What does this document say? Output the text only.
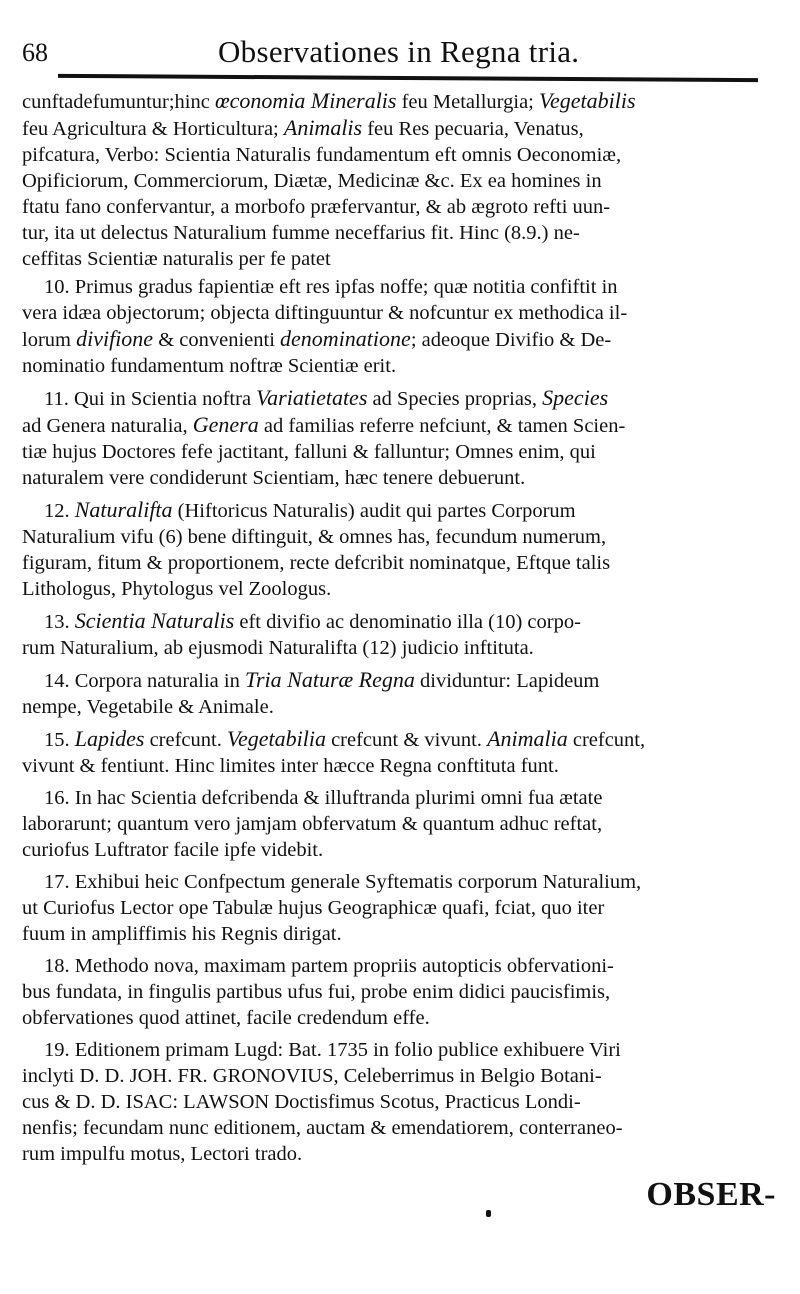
68	Observationes in Regna tria.
cunftadefumuntur;hinc œconomia Mineralis feu Metallurgia; Vegetabilis
feu Agricultura & Horticultura; Animalis feu Res pecuaria, Venatus,
pifcatura, Verbo: Scientia Naturalis fundamentum eft omnis Oeconomiæ,
Opificiorum, Commerciorum, Diætæ, Medicinæ &c. Ex ea homines in
ftatu fano confervantur, a morbofo præfervantur, & ab ægroto refti uun-
tur, ita ut delectus Naturalium fumme neceffarius fit. Hinc (8.9.) ne-
ceffitas Scientiæ naturalis per fe patet
10. Primus gradus fapientiæ eft res ipfas noffe; quæ notitia confiftit in
vera idæa objectorum; objecta diftinguuntur & nofcuntur ex methodica il-
lorum divifione & convenienti denominatione; adeoque Divifio & De-
nominatio fundamentum noftræ Scientiæ erit.
11. Qui in Scientia noftra Variatietates ad Species proprias, Species
ad Genera naturalia, Genera ad familias referre nefciunt, & tamen Scien-
tiæ hujus Doctores fefe jactitant, falluni & falluntur; Omnes enim, qui
naturalem vere condiderunt Scientiam, hæc tenere debuerunt.
12. Naturalifta (Hiftoricus Naturalis) audit qui partes Corporum
Naturalium vifu (6) bene diftinguit, & omnes has, fecundum numerum,
figuram, fitum & proportionem, recte defcribit nominatque, Eftque talis
Lithologus, Phytologus vel Zoologus.
13. Scientia Naturalis eft divifio ac denominatio illa (10) corpo-
rum Naturalium, ab ejusmodi Naturalifta (12) judicio inftituta.
14. Corpora naturalia in Tria Naturæ Regna dividuntur: Lapideum
nempe, Vegetabile & Animale.
15. Lapides crefcunt. Vegetabilia crefcunt & vivunt. Animalia crefcunt,
vivunt & fentiunt. Hinc limites inter hæcce Regna conftituta funt.
16. In hac Scientia defcribenda & illuftranda plurimi omni fua ætate
laborarunt; quantum vero jamjam obfervatum & quantum adhuc reftat,
curiofus Luftrator facile ipfe videbit.
17. Exhibui heic Confpectum generale Syftematis corporum Naturalium,
ut Curiofus Lector ope Tabulæ hujus Geographicæ quafi, fciat, quo iter
fuum in ampliffimis his Regnis dirigat.
18. Methodo nova, maximam partem propriis autopticis obfervationi-
bus fundata, in fingulis partibus ufus fui, probe enim didici paucisfimis,
obfervationes quod attinet, facile credendum effe.
19. Editionem primam Lugd: Bat. 1735 in folio publice exhibuere Viri
inclyti D. D. JOH. FR. GRONOVIUS, Celeberrimus in Belgio Botani-
cus & D. D. ISAC: LAWSON Doctisfimus Scotus, Practicus Londi-
nenfis; fecundam nunc editionem, auctam & emendatiorem, conterraneo-
rum impulfu motus, Lectori trado.
OBSER-
